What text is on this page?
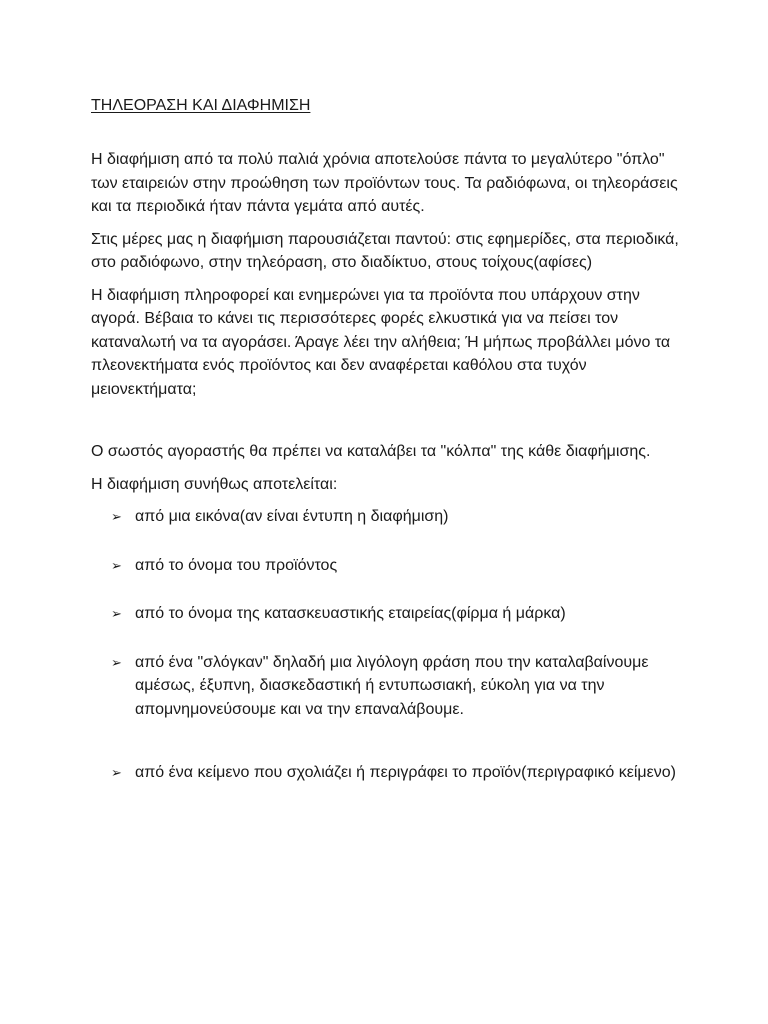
ΤΗΛΕΟΡΑΣΗ ΚΑΙ ΔΙΑΦΗΜΙΣΗ

Η διαφήμιση από τα πολύ παλιά χρόνια αποτελούσε πάντα το μεγαλύτερο "όπλο" των εταιρειών στην προώθηση των προϊόντων τους. Τα ραδιόφωνα, οι τηλεοράσεις και τα περιοδικά ήταν πάντα γεμάτα από αυτές.

Στις μέρες μας η διαφήμιση παρουσιάζεται παντού: στις εφημερίδες, στα περιοδικά, στο ραδιόφωνο, στην τηλεόραση, στο διαδίκτυο, στους τοίχους(αφίσες)

Η διαφήμιση πληροφορεί και ενημερώνει για τα προϊόντα που υπάρχουν στην αγορά. Βέβαια το κάνει τις περισσότερες φορές ελκυστικά για να πείσει τον καταναλωτή να τα αγοράσει. Άραγε λέει την αλήθεια; Ή μήπως προβάλλει μόνο τα πλεονεκτήματα ενός προϊόντος και δεν αναφέρεται καθόλου στα τυχόν μειονεκτήματα;

Ο σωστός αγοραστής θα πρέπει να καταλάβει τα "κόλπα" της κάθε διαφήμισης.

Η διαφήμιση συνήθως αποτελείται:

➢ από μια εικόνα(αν είναι έντυπη η διαφήμιση)
➢ από το όνομα του προϊόντος
➢ από το όνομα της κατασκευαστικής εταιρείας(φίρμα ή μάρκα)
➢ από ένα "σλόγκαν" δηλαδή μια λιγόλογη φράση που την καταλαβαίνουμε αμέσως, έξυπνη, διασκεδαστική ή εντυπωσιακή, εύκολη για να την απομνημονεύσουμε και να την επαναλάβουμε.
➢ από ένα κείμενο που σχολιάζει ή περιγράφει το προϊόν(περιγραφικό κείμενο)
